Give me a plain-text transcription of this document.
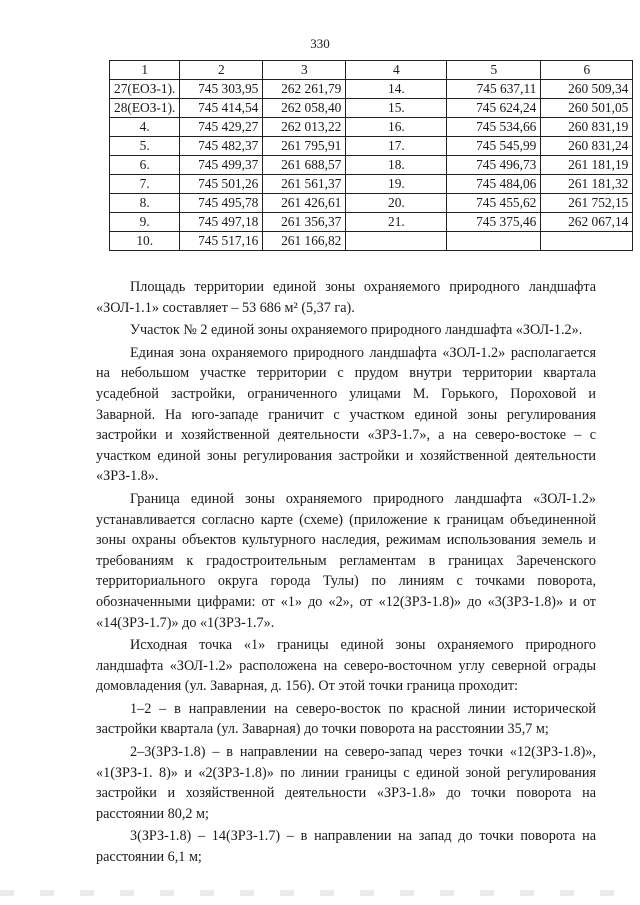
330
1	2	3	4	5	6
27(ЕОЗ-1).	745 303,95	262 261,79	14.	745 637,11	260 509,34
28(ЕОЗ-1).	745 414,54	262 058,40	15.	745 624,24	260 501,05
4.	745 429,27	262 013,22	16.	745 534,66	260 831,19
5.	745 482,37	261 795,91	17.	745 545,99	260 831,24
6.	745 499,37	261 688,57	18.	745 496,73	261 181,19
7.	745 501,26	261 561,37	19.	745 484,06	261 181,32
8.	745 495,78	261 426,61	20.	745 455,62	261 752,15
9.	745 497,18	261 356,37	21.	745 375,46	262 067,14
10.	745 517,16	261 166,82			

Площадь территории единой зоны охраняемого природного ландшафта «ЗОЛ-1.1» составляет – 53 686 м² (5,37 га).

Участок № 2 единой зоны охраняемого природного ландшафта «ЗОЛ-1.2».

Единая зона охраняемого природного ландшафта «ЗОЛ-1.2» располагается на небольшом участке территории с прудом внутри территории квартала усадебной застройки, ограниченного улицами М. Горького, Пороховой и Заварной. На юго-западе граничит с участком единой зоны регулирования застройки и хозяйственной деятельности «ЗРЗ-1.7», а на северо-востоке – с участком единой зоны регулирования застройки и хозяйственной деятельности «ЗРЗ-1.8».

Граница единой зоны охраняемого природного ландшафта «ЗОЛ-1.2» устанавливается согласно карте (схеме) (приложение к границам объединенной зоны охраны объектов культурного наследия, режимам использования земель и требованиям к градостроительным регламентам в границах Зареченского территориального округа города Тулы) по линиям с точками поворота, обозначенными цифрами: от «1» до «2», от «12(ЗРЗ-1.8)» до «3(ЗРЗ-1.8)» и от «14(ЗРЗ-1.7)» до «1(ЗРЗ-1.7».

Исходная точка «1» границы единой зоны охраняемого природного ландшафта «ЗОЛ-1.2» расположена на северо-восточном углу северной ограды домовладения (ул. Заварная, д. 156). От этой точки граница проходит:

1–2 – в направлении на северо-восток по красной линии исторической застройки квартала (ул. Заварная) до точки поворота на расстоянии 35,7 м;

2–3(ЗРЗ-1.8) – в направлении на северо-запад через точки «12(ЗРЗ-1.8)», «1(ЗРЗ-1. 8)» и «2(ЗРЗ-1.8)» по линии границы с единой зоной регулирования застройки и хозяйственной деятельности «ЗРЗ-1.8» до точки поворота на расстоянии 80,2 м;

3(ЗРЗ-1.8) – 14(ЗРЗ-1.7) – в направлении на запад до точки поворота на расстоянии 6,1 м;
